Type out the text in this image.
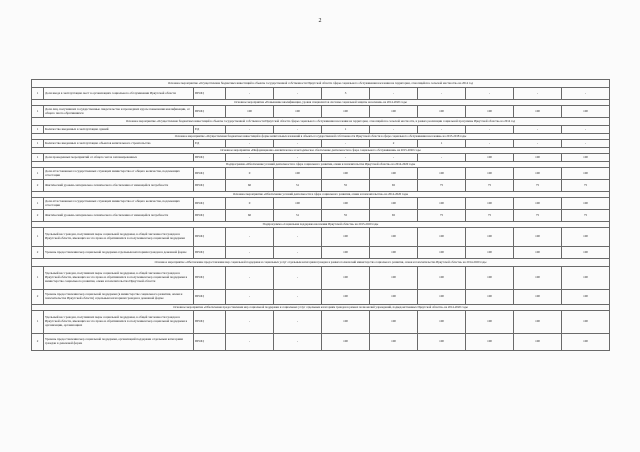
2
Основное мероприятие «Осуществление бюджетных инвестиций в объекты государственной собственности Иркутской области сферы социального обслуживания населения на территории, относящейся к сельской местности» на 2014 год										
1	Доля ввода в эксплуатацию мест в организациях социального обслуживания Иркутской области	ПРОЦ	-	-	3	-	-	-	-	-
Основное мероприятие «Повышение квалификации, уровня специалистов системы социальной защиты населения» на 2014-2020 годы										
1	Доля лиц, получивших государственные свидетельства и прошедших курсы повышения квалификации, от общего числа обратившихся	ПРОЦ	100	100	100	100	100	100	100	100
Основное мероприятие «Осуществление бюджетных инвестиций в объекты государственной собственности Иркутской области сферы социального обслуживания населения на территории, относящейся к сельской местности, в рамках реализации социальной программы Иркутской области» на 2014 год										
1	Количество введенных в эксплуатацию зданий	ЕД	-	-	1	-	-	-	-	-
Основное мероприятие «Осуществление бюджетных инвестиций в форме капитальных вложений в объекты государственной собственности Иркутской области в сфере социального обслуживания населения» на 2015-2018 годы										
1	Количество введенных в эксплуатацию объектов капитального строительства	ЕД	-	-	-	2	1	-	-	-
Основное мероприятие «Информационно-аналитическое и методическое обеспечение деятельности в сфере социального обслуживания» на 2015-2020 годы										
1	Доля проведенных мероприятий от общего числа запланированных	ПРОЦ	-	-	-	-	-	100	100	100
Подпрограмма «Обеспечение условий деятельности в сфере социального развития, опеки и попечительства Иркутской области» на 2014-2020 годы										
1	Доля аттестованных государственных служащих министерства от общего количества, подлежащих аттестации	ПРОЦ	0	100	100	100	100	100	100	100
2	Фактический уровень материально-технического обеспечения от имеющейся потребности	ПРОЦ	60	31	55	65	75	75	75	75
Основное мероприятие «Обеспечение условий деятельности в сфере социального развития, опеки и попечительства» на 2014-2020 годы										
1	Доля аттестованных государственных служащих министерства от общего количества, подлежащих аттестации	ПРОЦ	0	100	100	100	100	100	100	100
2	Фактический уровень материально-технического обеспечения от имеющейся потребности	ПРОЦ	60	31	55	65	75	75	75	75
Подпрограмма «Социальная поддержка населения Иркутской области» на 2015-2020 годы										
1	Удельный вес граждан, получивших меры социальной поддержки, в общей численности граждан в Иркутской области, имеющих на это право и обратившихся за получением мер социальной поддержки	ПРОЦ	-	-	100	100	100	100	100	100
2	Уровень предоставления мер социальной поддержки отдельным категориям граждан в денежной форме	ПРОЦ	-	-	100	100	100	100	100	100
Основное мероприятие «Обеспечение предоставления мер социальной поддержки и социальных услуг отдельным категориям граждан в рамках полномочий министерства социального развития, опеки и попечительства Иркутской области» на 2014-2020 годы										
1	Удельный вес граждан, получивших меры социальной поддержки, в общей численности граждан в Иркутской области, имеющих на это право и обратившихся за получением мер социальной поддержки в министерство социального развития, опеки и попечительства Иркутской области	ПРОЦ	-	-	100	100	100	100	100	100
2	Уровень предоставления мер социальной поддержки (в министерстве социального развития, опеки и попечительства Иркутской области) отдельным категориям граждан в денежной форме	ПРОЦ	-	-	100	100	100	100	100	100
Основное мероприятие «Обеспечение предоставления мер социальной поддержки и социальных услуг отдельным категориям граждан в рамках полномочий учреждений, подведомственных Иркутской области» на 2014-2020 годы										
1	Удельный вес граждан, получивших меры социальной поддержки, в общей численности граждан в Иркутской области, имеющих на это право и обратившихся за получением мер социальной поддержки в организации, организациях	ПРОЦ	-	-	100	100	100	100	100	100
2	Уровень предоставления мер социальной поддержки, организаций поддержки отдельным категориям граждан в денежной форме	ПРОЦ	-	-	100	100	100	100	100	100
